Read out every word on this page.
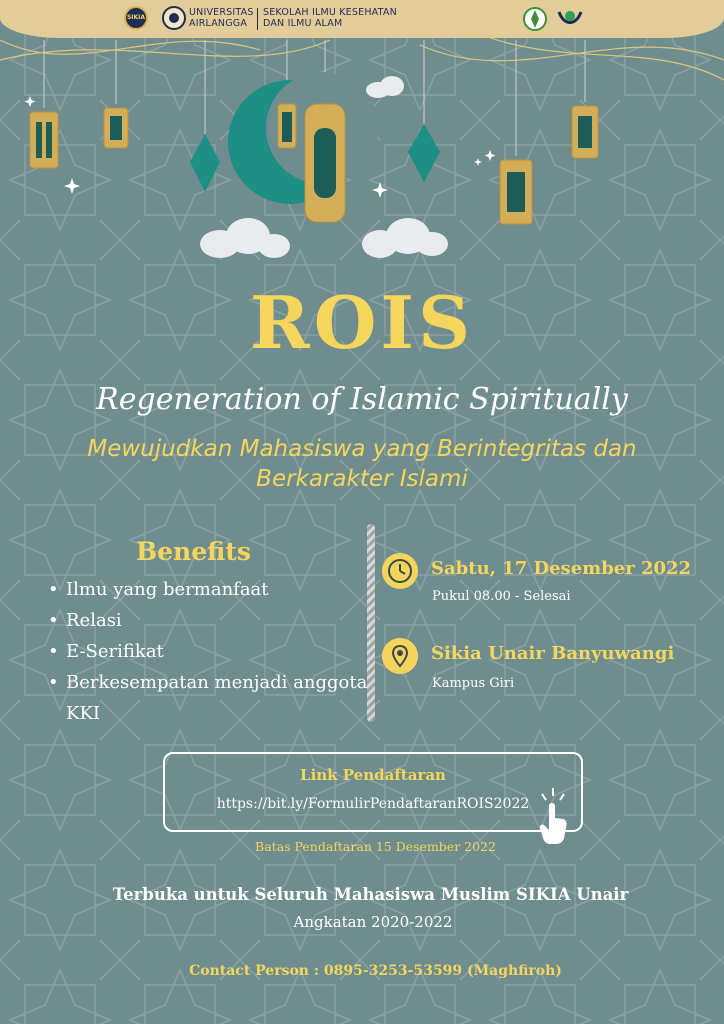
SIKIA	UNIVERSITAS
AIRLANGGA
SEKOLAH ILMU KESEHATAN
DAN ILMU ALAM
ROIS
Regeneration of Islamic Spiritually
Mewujudkan Mahasiswa yang Berintegritas dan
Berkarakter Islami
Benefits
• Ilmu yang bermanfaat
• Relasi
• E-Serifikat
• Berkesempatan menjadi anggota KKI
Sabtu, 17 Desember 2022
Pukul 08.00 - Selesai
Sikia Unair Banyuwangi
Kampus Giri
Link Pendaftaran
https://bit.ly/FormulirPendaftaranROIS2022
Batas Pendaftaran 15 Desember 2022
Terbuka untuk Seluruh Mahasiswa Muslim SIKIA Unair
Angkatan 2020-2022
Contact Person : 0895-3253-53599 (Maghfiroh)
